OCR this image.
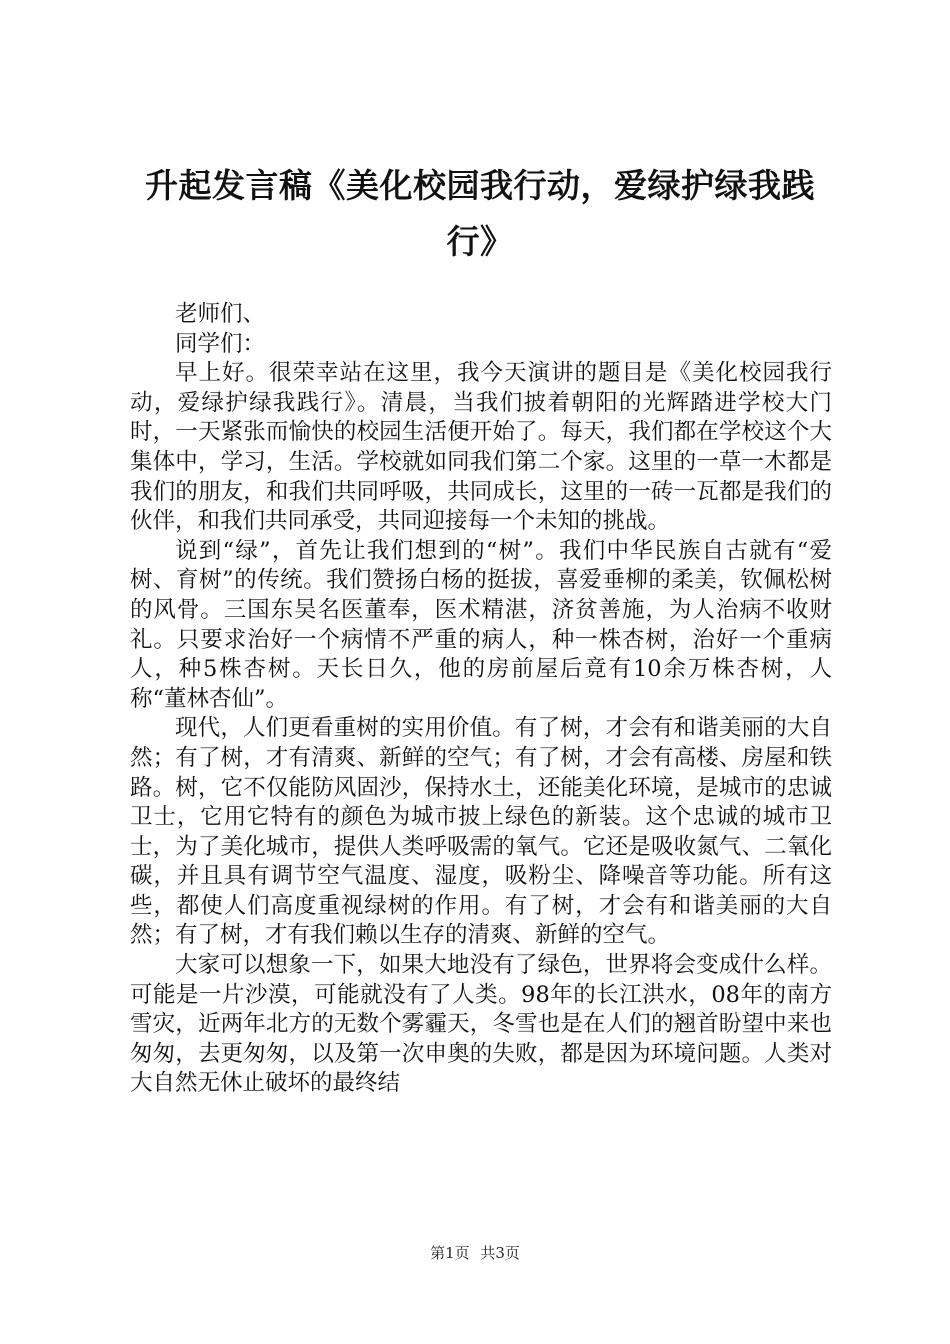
升起发言稿《美化校园我行动，爱绿护绿我践行》

老师们、

同学们：

早上好。很荣幸站在这里，我今天演讲的题目是《美化校园我行动，爱绿护绿我践行》。清晨，当我们披着朝阳的光辉踏进学校大门时，一天紧张而愉快的校园生活便开始了。每天，我们都在学校这个大集体中，学习，生活。学校就如同我们第二个家。这里的一草一木都是我们的朋友，和我们共同呼吸，共同成长，这里的一砖一瓦都是我们的伙伴，和我们共同承受，共同迎接每一个未知的挑战。

说到“绿”，首先让我们想到的“树”。我们中华民族自古就有“爱树、育树”的传统。我们赞扬白杨的挺拔，喜爱垂柳的柔美，钦佩松树的风骨。三国东吴名医董奉，医术精湛，济贫善施，为人治病不收财礼。只要求治好一个病情不严重的病人，种一株杏树，治好一个重病人，种5株杏树。天长日久，他的房前屋后竟有10余万株杏树，人称“董林杏仙”。

现代，人们更看重树的实用价值。有了树，才会有和谐美丽的大自然；有了树，才有清爽、新鲜的空气；有了树，才会有高楼、房屋和铁路。树，它不仅能防风固沙，保持水土，还能美化环境，是城市的忠诚卫士，它用它特有的颜色为城市披上绿色的新装。这个忠诚的城市卫士，为了美化城市，提供人类呼吸需的氧气。它还是吸收氮气、二氧化碳，并且具有调节空气温度、湿度，吸粉尘、降噪音等功能。所有这些，都使人们高度重视绿树的作用。有了树，才会有和谐美丽的大自然；有了树，才有我们赖以生存的清爽、新鲜的空气。

大家可以想象一下，如果大地没有了绿色，世界将会变成什么样。可能是一片沙漠，可能就没有了人类。98年的长江洪水，08年的南方雪灾，近两年北方的无数个雾霾天，冬雪也是在人们的翘首盼望中来也匆匆，去更匆匆，以及第一次申奥的失败，都是因为环境问题。人类对大自然无休止破坏的最终结

第1页 共3页
